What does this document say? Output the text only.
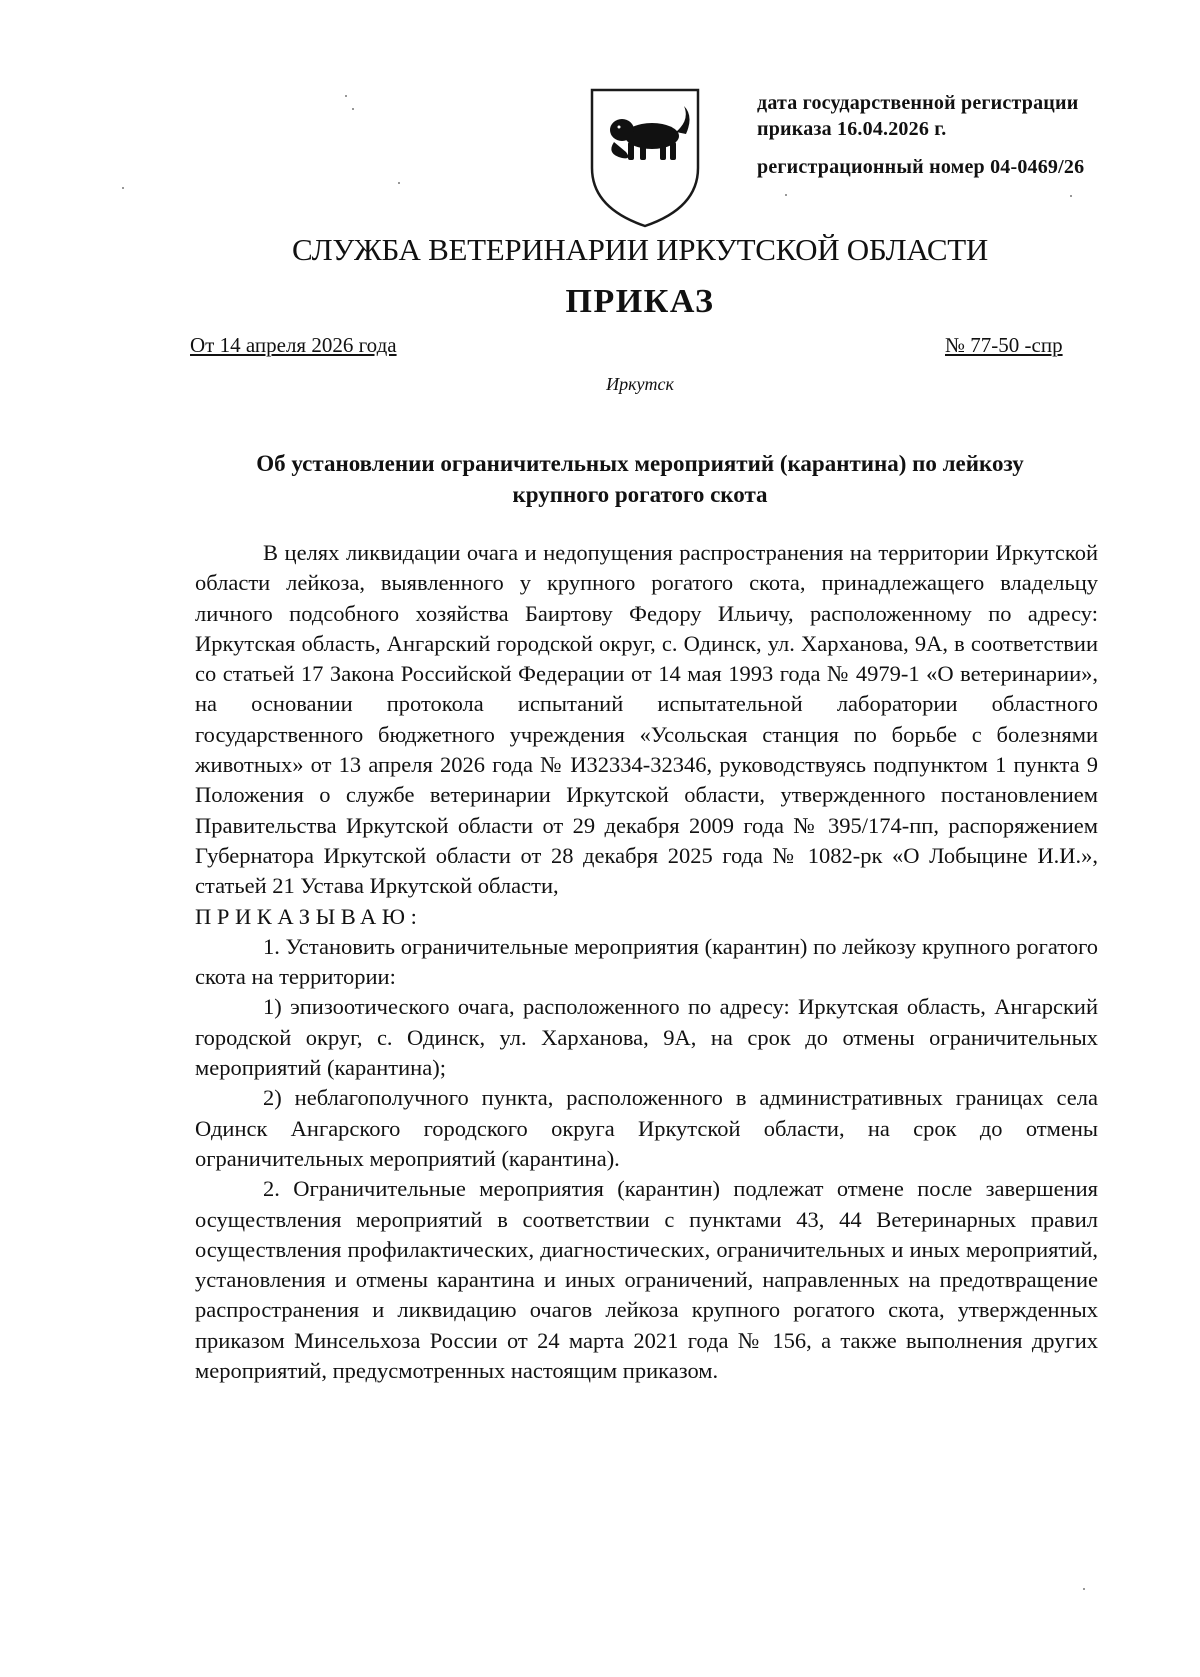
дата государственной регистрации
приказа 16.04.2026 г.
регистрационный номер 04-0469/26
СЛУЖБА ВЕТЕРИНАРИИ ИРКУТСКОЙ ОБЛАСТИ
ПРИКАЗ
От 14 апреля 2026 года	№ 77-50 -спр
Иркутск
Об установлении ограничительных мероприятий (карантина) по лейкозу крупного рогатого скота

В целях ликвидации очага и недопущения распространения на территории Иркутской области лейкоза, выявленного у крупного рогатого скота, принадлежащего владельцу личного подсобного хозяйства Баиртову Федору Ильичу, расположенному по адресу: Иркутская область, Ангарский городской округ, с. Одинск, ул. Харханова, 9А, в соответствии со статьей 17 Закона Российской Федерации от 14 мая 1993 года № 4979-1 «О ветеринарии», на основании протокола испытаний испытательной лаборатории областного государственного бюджетного учреждения «Усольская станция по борьбе с болезнями животных» от 13 апреля 2026 года № И32334-32346, руководствуясь подпунктом 1 пункта 9 Положения о службе ветеринарии Иркутской области, утвержденного постановлением Правительства Иркутской области от 29 декабря 2009 года № 395/174-пп, распоряжением Губернатора Иркутской области от 28 декабря 2025 года № 1082-рк «О Лобыцине И.И.», статьей 21 Устава Иркутской области,

ПРИКАЗЫВАЮ:

1. Установить ограничительные мероприятия (карантин) по лейкозу крупного рогатого скота на территории:

1) эпизоотического очага, расположенного по адресу: Иркутская область, Ангарский городской округ, с. Одинск, ул. Харханова, 9А, на срок до отмены ограничительных мероприятий (карантина);

2) неблагополучного пункта, расположенного в административных границах села Одинск Ангарского городского округа Иркутской области, на срок до отмены ограничительных мероприятий (карантина).

2. Ограничительные мероприятия (карантин) подлежат отмене после завершения осуществления мероприятий в соответствии с пунктами 43, 44 Ветеринарных правил осуществления профилактических, диагностических, ограничительных и иных мероприятий, установления и отмены карантина и иных ограничений, направленных на предотвращение распространения и ликвидацию очагов лейкоза крупного рогатого скота, утвержденных приказом Минсельхоза России от 24 марта 2021 года № 156, а также выполнения других мероприятий, предусмотренных настоящим приказом.
